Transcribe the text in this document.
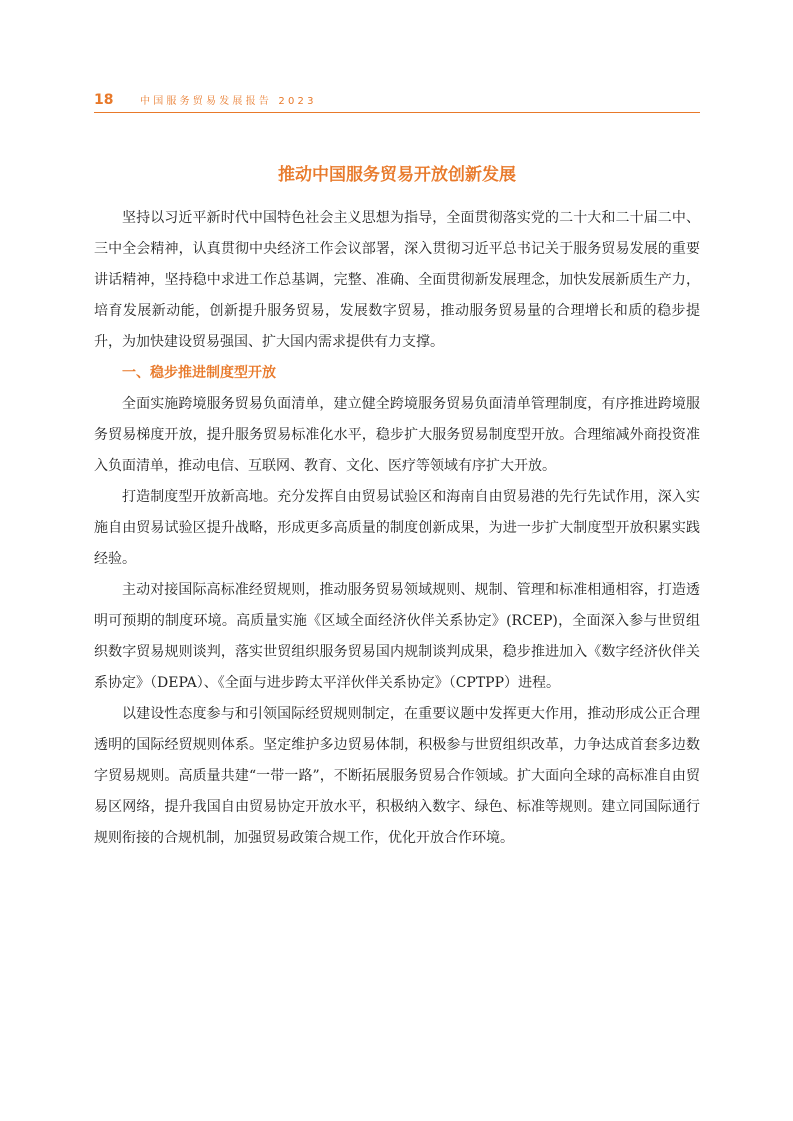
18	中国服务贸易发展报告 2023
推动中国服务贸易开放创新发展

坚持以习近平新时代中国特色社会主义思想为指导，全面贯彻落实党的二十大和二十届二中、三中全会精神，认真贯彻中央经济工作会议部署，深入贯彻习近平总书记关于服务贸易发展的重要讲话精神，坚持稳中求进工作总基调，完整、准确、全面贯彻新发展理念，加快发展新质生产力，培育发展新动能，创新提升服务贸易，发展数字贸易，推动服务贸易量的合理增长和质的稳步提升，为加快建设贸易强国、扩大国内需求提供有力支撑。

一、稳步推进制度型开放

全面实施跨境服务贸易负面清单，建立健全跨境服务贸易负面清单管理制度，有序推进跨境服务贸易梯度开放，提升服务贸易标准化水平，稳步扩大服务贸易制度型开放。合理缩减外商投资准入负面清单，推动电信、互联网、教育、文化、医疗等领域有序扩大开放。

打造制度型开放新高地。充分发挥自由贸易试验区和海南自由贸易港的先行先试作用，深入实施自由贸易试验区提升战略，形成更多高质量的制度创新成果，为进一步扩大制度型开放积累实践经验。

主动对接国际高标准经贸规则，推动服务贸易领域规则、规制、管理和标准相通相容，打造透明可预期的制度环境。高质量实施《区域全面经济伙伴关系协定》(RCEP)，全面深入参与世贸组织数字贸易规则谈判，落实世贸组织服务贸易国内规制谈判成果，稳步推进加入《数字经济伙伴关系协定》（DEPA）、《全面与进步跨太平洋伙伴关系协定》（CPTPP）进程。

以建设性态度参与和引领国际经贸规则制定，在重要议题中发挥更大作用，推动形成公正合理透明的国际经贸规则体系。坚定维护多边贸易体制，积极参与世贸组织改革，力争达成首套多边数字贸易规则。高质量共建“一带一路”，不断拓展服务贸易合作领域。扩大面向全球的高标准自由贸易区网络，提升我国自由贸易协定开放水平，积极纳入数字、绿色、标准等规则。建立同国际通行规则衔接的合规机制，加强贸易政策合规工作，优化开放合作环境。
